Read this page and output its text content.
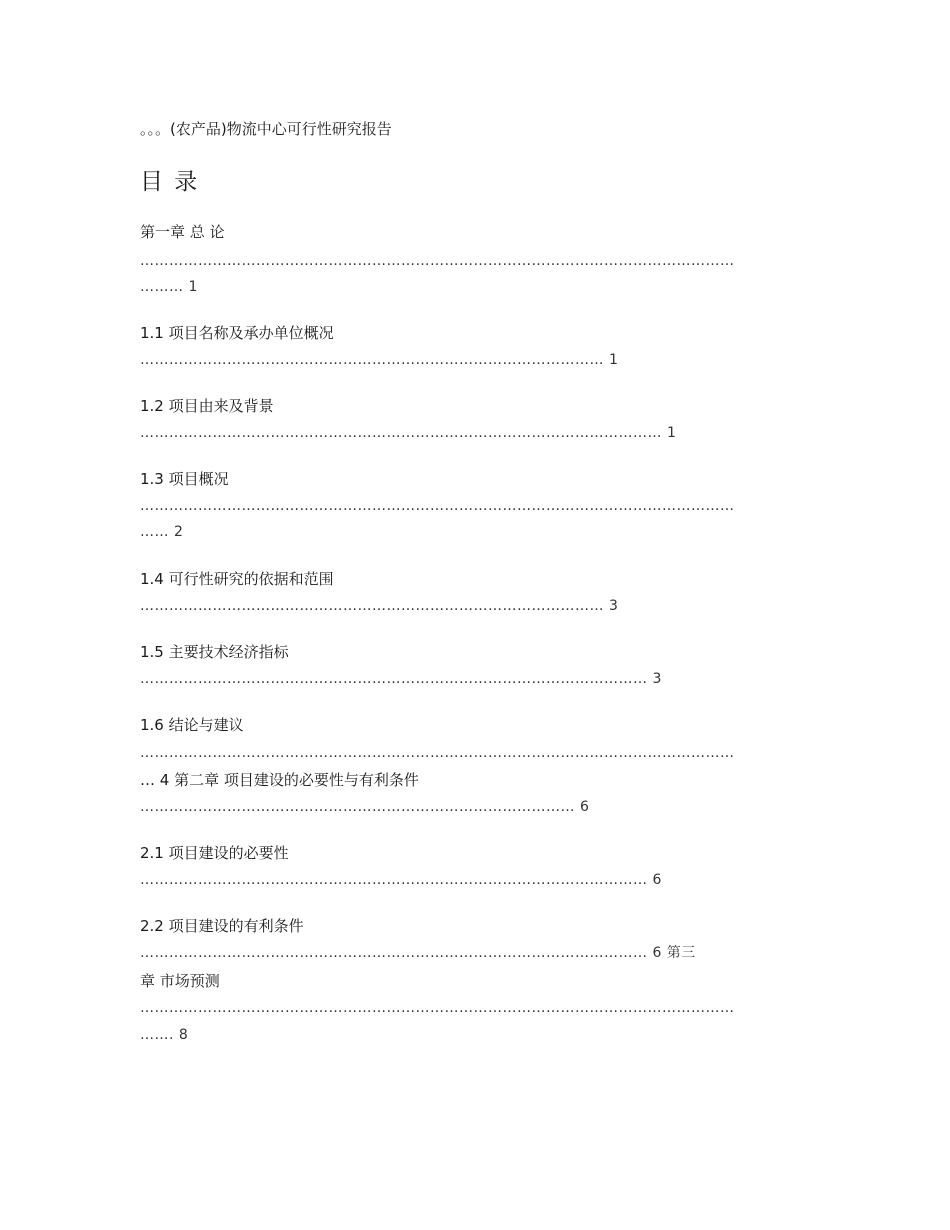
。。。(农产品)物流中心可行性研究报告
目 录
第一章 总 论
……………………………………………………………………………………………………………
……… 1
1.1 项目名称及承办单位概况
…………………………………………………………………………………… 1
1.2 项目由来及背景
……………………………………………………………………………………………… 1
1.3 项目概况
……………………………………………………………………………………………………………
…… 2
1.4 可行性研究的依据和范围
…………………………………………………………………………………… 3
1.5 主要技术经济指标
…………………………………………………………………………………………… 3
1.6 结论与建议
……………………………………………………………………………………………………………
… 4 第二章 项目建设的必要性与有利条件
……………………………………………………………………………… 6
2.1 项目建设的必要性
…………………………………………………………………………………………… 6
2.2 项目建设的有利条件
…………………………………………………………………………………………… 6 第三
章 市场预测
……………………………………………………………………………………………………………
……. 8
